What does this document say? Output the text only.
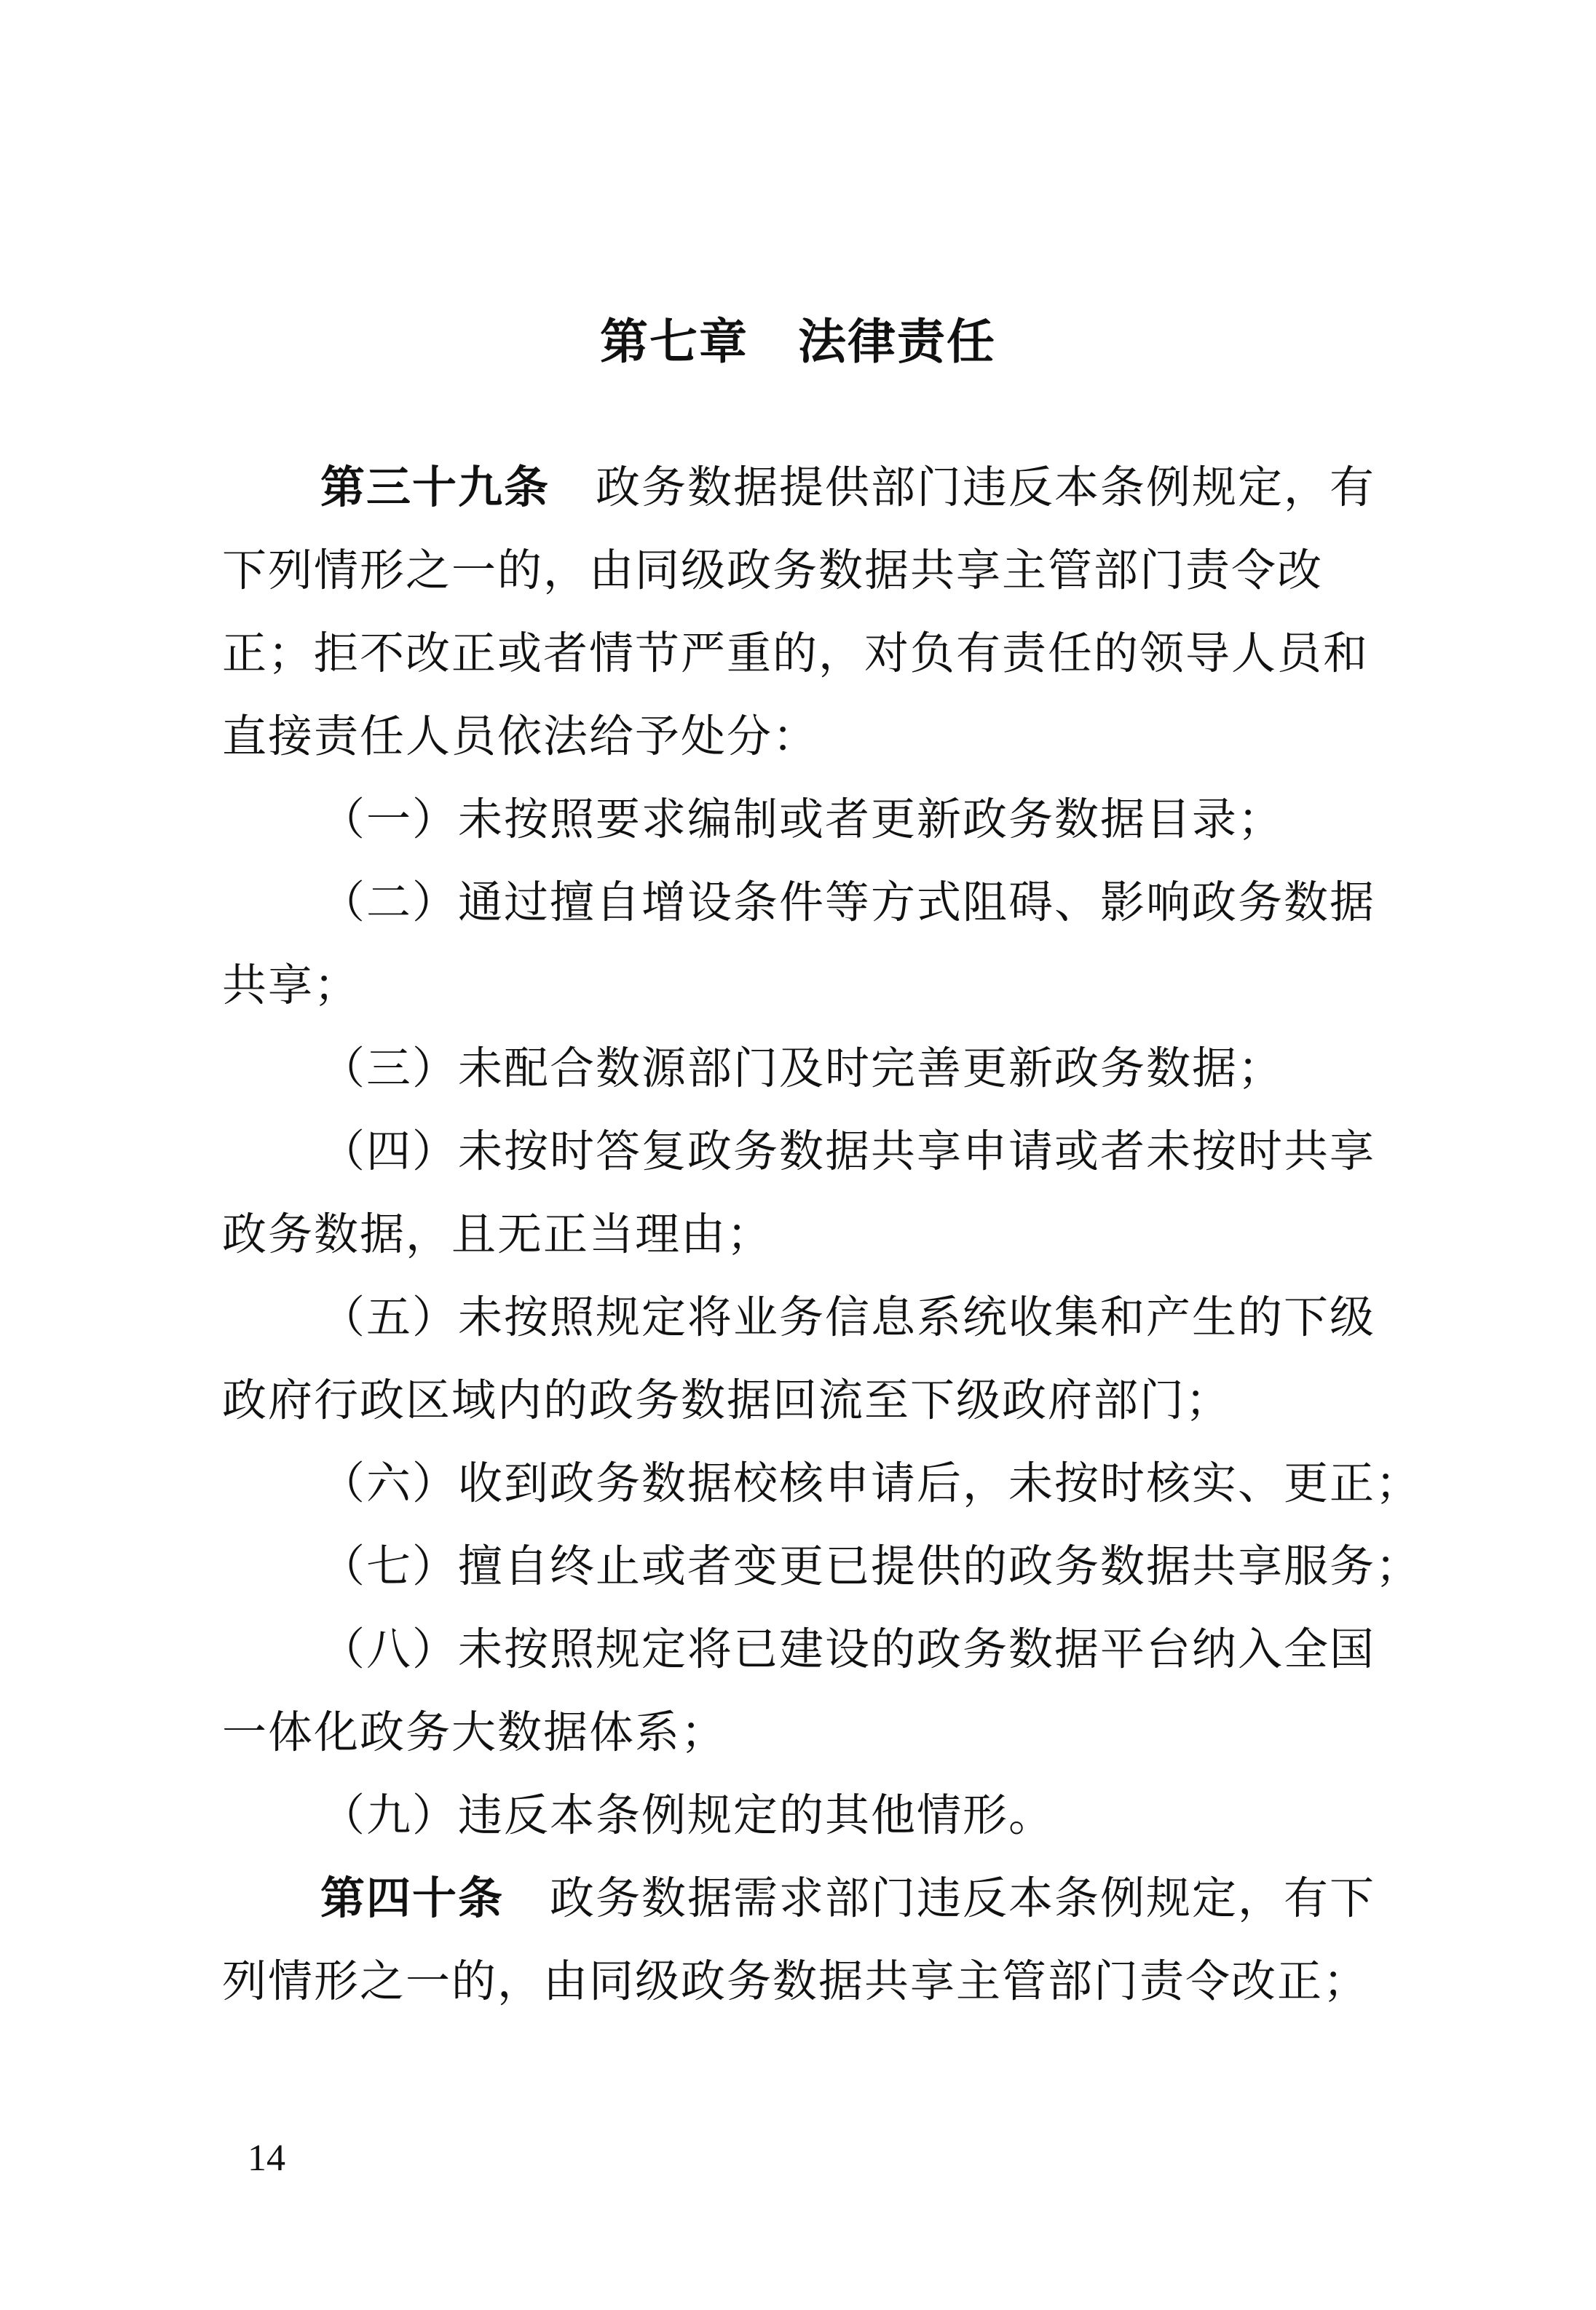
第七章　法律责任
第三十九条　 政务数据提供部门违反本条例规定，有
下列情形之一的，由同级政务数据共享主管部门责令改
正；拒不改正或者情节严重的，对负有责任的领导人员和
直接责任人员依法给予处分：
（一）未按照要求编制或者更新政务数据目录；
（二）通过擅自增设条件等方式阻碍、影响政务数据
共享；
（三）未配合数源部门及时完善更新政务数据；
（四）未按时答复政务数据共享申请或者未按时共享
政务数据，且无正当理由；
（五）未按照规定将业务信息系统收集和产生的下级
政府行政区域内的政务数据回流至下级政府部门；
（六）收到政务数据校核申请后，未按时核实、更正；
（七）擅自终止或者变更已提供的政务数据共享服务；
（八）未按照规定将已建设的政务数据平台纳入全国
一体化政务大数据体系；
（九）违反本条例规定的其他情形。
第四十条　 政务数据需求部门违反本条例规定，有下
列情形之一的，由同级政务数据共享主管部门责令改正；
14
